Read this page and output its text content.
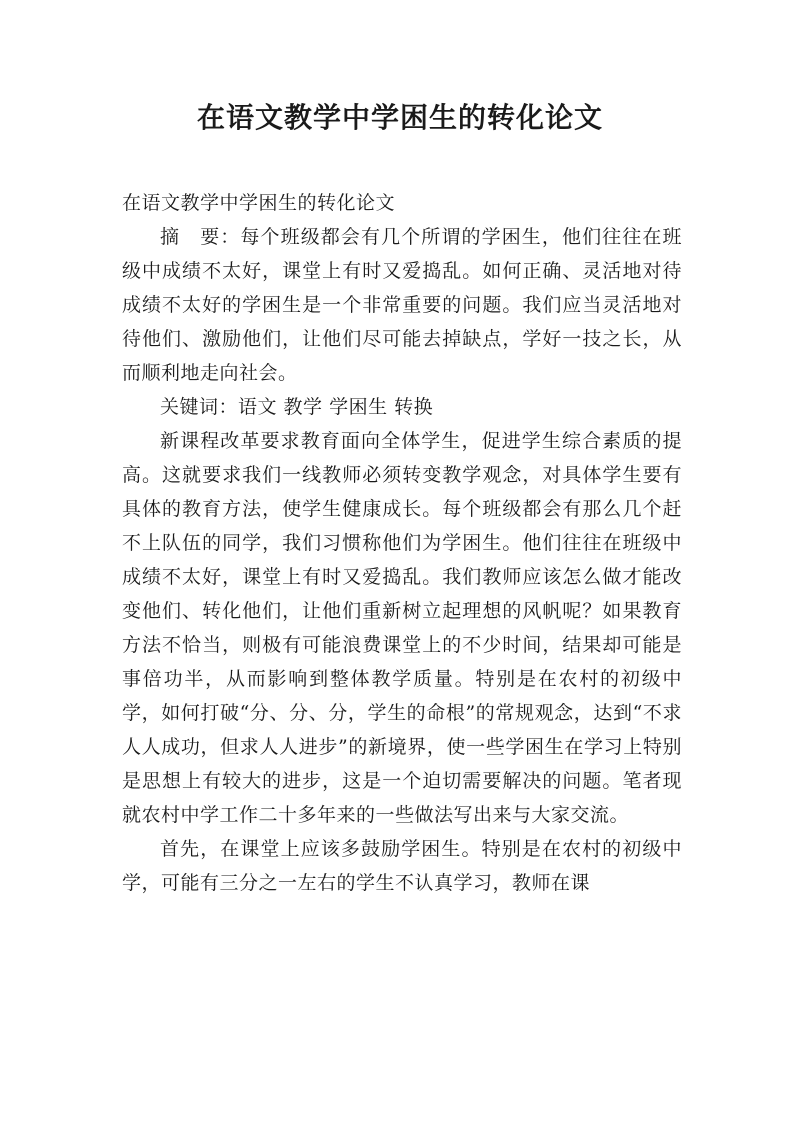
在语文教学中学困生的转化论文

在语文教学中学困生的转化论文

摘　要：每个班级都会有几个所谓的学困生，他们往往在班级中成绩不太好，课堂上有时又爱捣乱。如何正确、灵活地对待成绩不太好的学困生是一个非常重要的问题。我们应当灵活地对待他们、激励他们，让他们尽可能去掉缺点，学好一技之长，从而顺利地走向社会。

关键词：语文 教学 学困生 转换

新课程改革要求教育面向全体学生，促进学生综合素质的提高。这就要求我们一线教师必须转变教学观念，对具体学生要有具体的教育方法，使学生健康成长。每个班级都会有那么几个赶不上队伍的同学，我们习惯称他们为学困生。他们往往在班级中成绩不太好，课堂上有时又爱捣乱。我们教师应该怎么做才能改变他们、转化他们，让他们重新树立起理想的风帆呢？如果教育方法不恰当，则极有可能浪费课堂上的不少时间，结果却可能是事倍功半，从而影响到整体教学质量。特别是在农村的初级中学，如何打破“分、分、分，学生的命根”的常规观念，达到“不求人人成功，但求人人进步”的新境界，使一些学困生在学习上特别是思想上有较大的进步，这是一个迫切需要解决的问题。笔者现就农村中学工作二十多年来的一些做法写出来与大家交流。

首先，在课堂上应该多鼓励学困生。特别是在农村的初级中学，可能有三分之一左右的学生不认真学习，教师在课
